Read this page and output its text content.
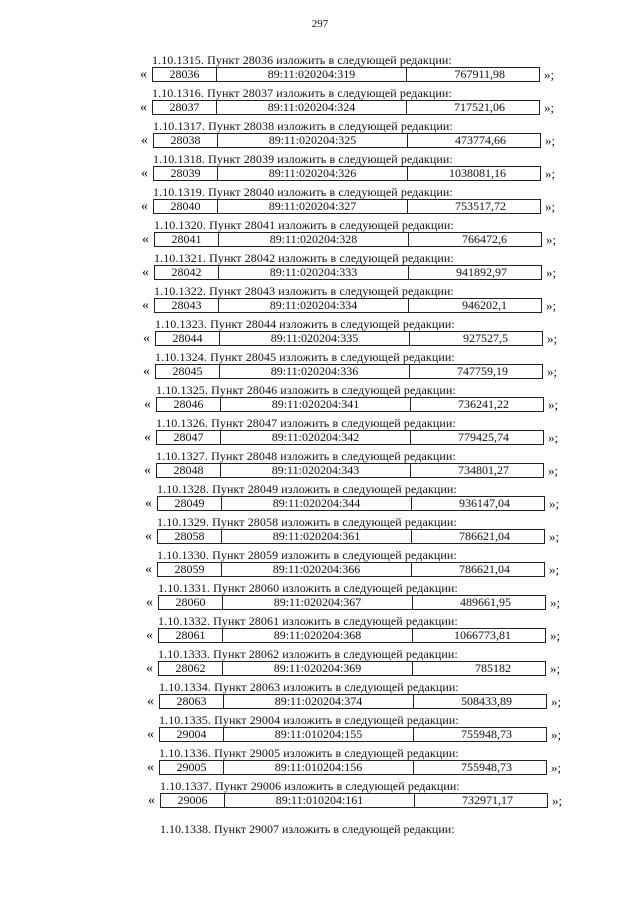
297
1.10.1315. Пункт 28036 изложить в следующей редакции:
«	28036	89:11:020204:319	767911,98	»;
1.10.1316. Пункт 28037 изложить в следующей редакции:
«	28037	89:11:020204:324	717521,06	»;
1.10.1317. Пункт 28038 изложить в следующей редакции:
«	28038	89:11:020204:325	473774,66	»;
1.10.1318. Пункт 28039 изложить в следующей редакции:
«	28039	89:11:020204:326	1038081,16	»;
1.10.1319. Пункт 28040 изложить в следующей редакции:
«	28040	89:11:020204:327	753517,72	»;
1.10.1320. Пункт 28041 изложить в следующей редакции:
«	28041	89:11:020204:328	766472,6	»;
1.10.1321. Пункт 28042 изложить в следующей редакции:
«	28042	89:11:020204:333	941892,97	»;
1.10.1322. Пункт 28043 изложить в следующей редакции:
«	28043	89:11:020204:334	946202,1	»;
1.10.1323. Пункт 28044 изложить в следующей редакции:
«	28044	89:11:020204:335	927527,5	»;
1.10.1324. Пункт 28045 изложить в следующей редакции:
«	28045	89:11:020204:336	747759,19	»;
1.10.1325. Пункт 28046 изложить в следующей редакции:
«	28046	89:11:020204:341	736241,22	»;
1.10.1326. Пункт 28047 изложить в следующей редакции:
«	28047	89:11:020204:342	779425,74	»;
1.10.1327. Пункт 28048 изложить в следующей редакции:
«	28048	89:11:020204:343	734801,27	»;
1.10.1328. Пункт 28049 изложить в следующей редакции:
«	28049	89:11:020204:344	936147,04	»;
1.10.1329. Пункт 28058 изложить в следующей редакции:
«	28058	89:11:020204:361	786621,04	»;
1.10.1330. Пункт 28059 изложить в следующей редакции:
«	28059	89:11:020204:366	786621,04	»;
1.10.1331. Пункт 28060 изложить в следующей редакции:
«	28060	89:11:020204:367	489661,95	»;
1.10.1332. Пункт 28061 изложить в следующей редакции:
«	28061	89:11:020204:368	1066773,81	»;
1.10.1333. Пункт 28062 изложить в следующей редакции:
«	28062	89:11:020204:369	785182	»;
1.10.1334. Пункт 28063 изложить в следующей редакции:
«	28063	89:11:020204:374	508433,89	»;
1.10.1335. Пункт 29004 изложить в следующей редакции:
«	29004	89:11:010204:155	755948,73	»;
1.10.1336. Пункт 29005 изложить в следующей редакции:
«	29005	89:11:010204:156	755948,73	»;
1.10.1337. Пункт 29006 изложить в следующей редакции:
«	29006	89:11:010204:161	732971,17	»;
1.10.1338. Пункт 29007 изложить в следующей редакции:
